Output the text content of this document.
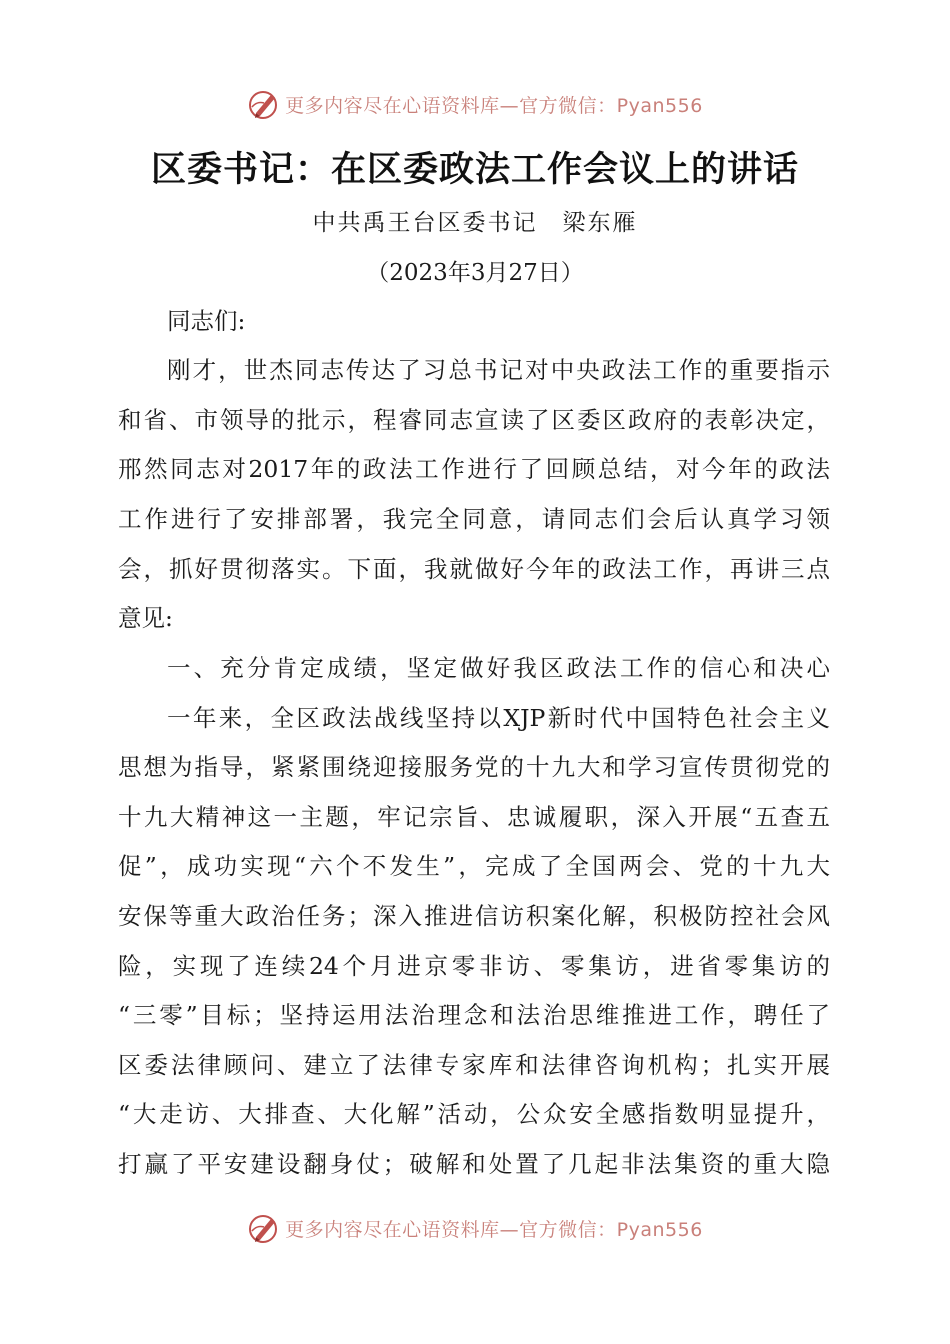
更多内容尽在心语资料库—官方微信：Pyan556
区委书记：在区委政法工作会议上的讲话
中共禹王台区委书记　梁东雁
（2023年3月27日）
同志们:
刚才，世杰同志传达了习总书记对中央政法工作的重要指示
和省、市领导的批示，程睿同志宣读了区委区政府的表彰决定，
邢然同志对2017年的政法工作进行了回顾总结，对今年的政法
工作进行了安排部署，我完全同意，请同志们会后认真学习领
会，抓好贯彻落实。下面，我就做好今年的政法工作，再讲三点
意见:
一、充分肯定成绩，坚定做好我区政法工作的信心和决心
一年来，全区政法战线坚持以XJP新时代中国特色社会主义
思想为指导，紧紧围绕迎接服务党的十九大和学习宣传贯彻党的
十九大精神这一主题，牢记宗旨、忠诚履职，深入开展“五查五
促”，成功实现“六个不发生”，完成了全国两会、党的十九大
安保等重大政治任务；深入推进信访积案化解，积极防控社会风
险，实现了连续24个月进京零非访、零集访，进省零集访的
“三零”目标；坚持运用法治理念和法治思维推进工作，聘任了
区委法律顾问、建立了法律专家库和法律咨询机构；扎实开展
“大走访、大排查、大化解”活动，公众安全感指数明显提升，
打赢了平安建设翻身仗；破解和处置了几起非法集资的重大隐
更多内容尽在心语资料库—官方微信：Pyan556
